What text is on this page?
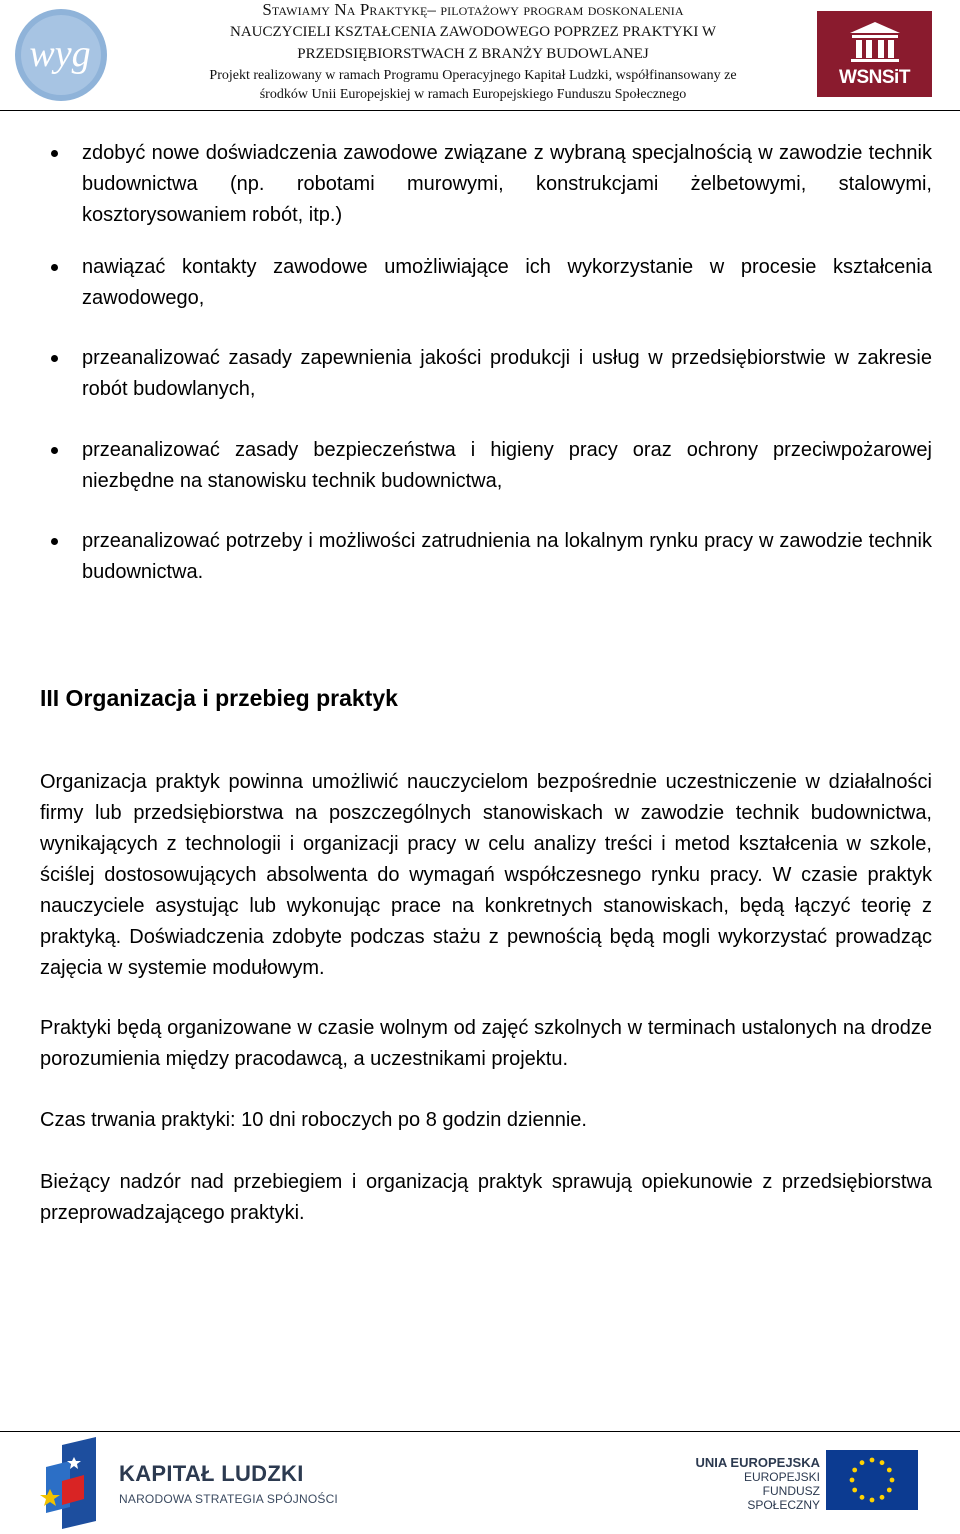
wyg
Stawiamy Na Praktykę– pilotażowy program doskonalenia
NAUCZYCIELI KSZTAŁCENIA ZAWODOWEGO POPRZEZ PRAKTYKI W
PRZEDSIĘBIORSTWACH Z BRANŻY BUDOWLANEJ
Projekt realizowany w ramach Programu Operacyjnego Kapitał Ludzki, współfinansowany ze
środków Unii Europejskiej w ramach Europejskiego Funduszu Społecznego
WSNSiT
zdobyć nowe doświadczenia zawodowe związane z wybraną specjalnością w zawodzie technik budownictwa (np. robotami murowymi, konstrukcjami żelbetowymi, stalowymi, kosztorysowaniem robót, itp.)
nawiązać kontakty zawodowe umożliwiające ich wykorzystanie w procesie kształcenia zawodowego,
przeanalizować zasady zapewnienia jakości produkcji i usług w przedsiębiorstwie w zakresie robót budowlanych,
przeanalizować zasady bezpieczeństwa i higieny pracy oraz ochrony przeciwpożarowej niezbędne na stanowisku technik budownictwa,
przeanalizować potrzeby i możliwości zatrudnienia na lokalnym rynku pracy w zawodzie technik budownictwa.
III Organizacja i przebieg praktyk
Organizacja praktyk powinna umożliwić nauczycielom bezpośrednie uczestniczenie w działalności firmy lub przedsiębiorstwa na poszczególnych stanowiskach w zawodzie technik budownictwa, wynikających z technologii i organizacji pracy w celu analizy treści i metod kształcenia w szkole, ściślej dostosowujących absolwenta do wymagań współczesnego rynku pracy. W czasie praktyk nauczyciele asystując lub wykonując prace na konkretnych stanowiskach, będą łączyć teorię z praktyką. Doświadczenia zdobyte podczas stażu z pewnością będą mogli wykorzystać prowadząc zajęcia w systemie modułowym.
Praktyki będą organizowane w czasie wolnym od zajęć szkolnych w terminach ustalonych na drodze porozumienia między pracodawcą, a uczestnikami projektu.
Czas trwania praktyki: 10 dni roboczych po 8 godzin dziennie.
Bieżący nadzór nad przebiegiem i organizacją praktyk sprawują opiekunowie z przedsiębiorstwa przeprowadzającego praktyki.
KAPITAŁ LUDZKI
NARODOWA STRATEGIA SPÓJNOŚCI
UNIA EUROPEJSKA
EUROPEJSKI
FUNDUSZ SPOŁECZNY
